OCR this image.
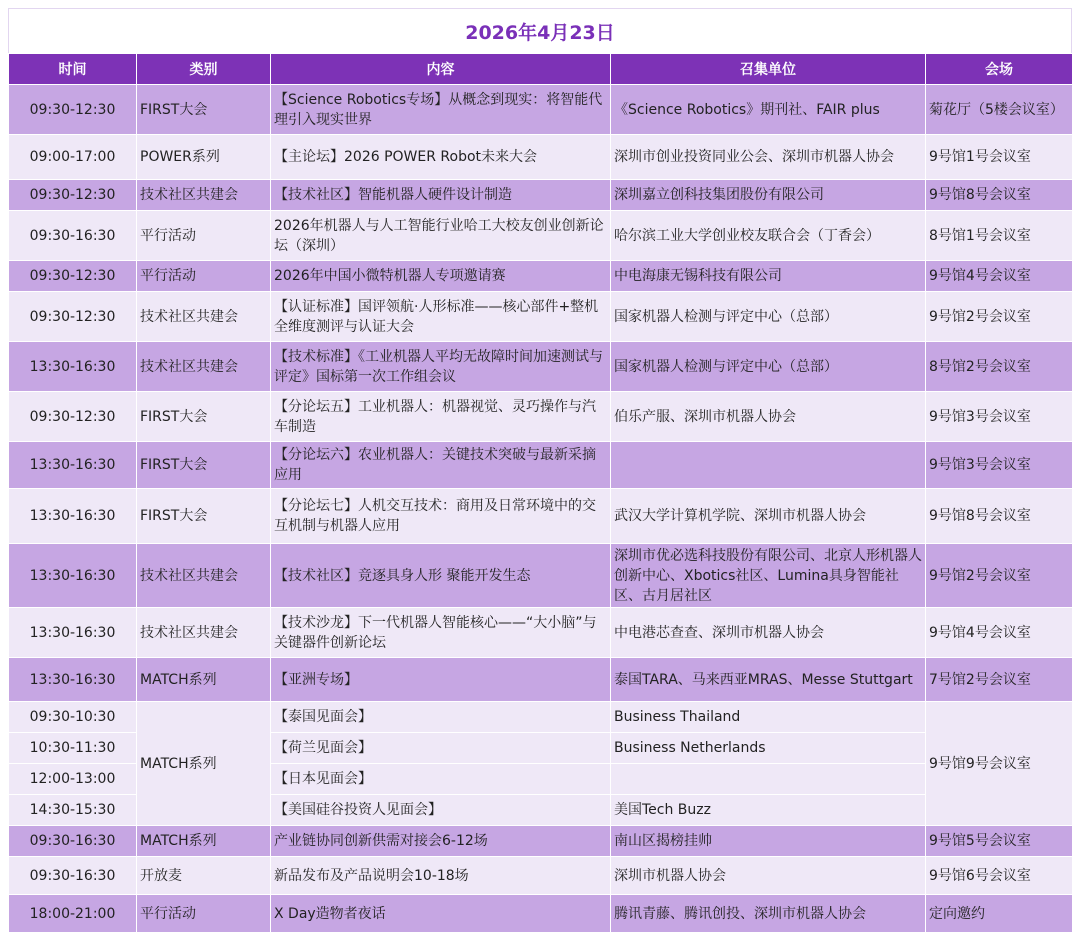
2026年4月23日
时间	类别	内容	召集单位	会场
09:30-12:30	FIRST大会	【Science Robotics专场】从概念到现实：将智能代理引入现实世界	《Science Robotics》期刊社、FAIR plus	菊花厅（5楼会议室）
09:00-17:00	POWER系列	【主论坛】2026 POWER Robot未来大会	深圳市创业投资同业公会、深圳市机器人协会	9号馆1号会议室
09:30-12:30	技术社区共建会	【技术社区】智能机器人硬件设计制造	深圳嘉立创科技集团股份有限公司	9号馆8号会议室
09:30-16:30	平行活动	2026年机器人与人工智能行业哈工大校友创业创新论坛（深圳）	哈尔滨工业大学创业校友联合会（丁香会）	8号馆1号会议室
09:30-12:30	平行活动	2026年中国小微特机器人专项邀请赛	中电海康无锡科技有限公司	9号馆4号会议室
09:30-12:30	技术社区共建会	【认证标准】国评领航·人形标准——核心部件+整机全维度测评与认证大会	国家机器人检测与评定中心（总部）	9号馆2号会议室
13:30-16:30	技术社区共建会	【技术标准】《工业机器人平均无故障时间加速测试与评定》国标第一次工作组会议	国家机器人检测与评定中心（总部）	8号馆2号会议室
09:30-12:30	FIRST大会	【分论坛五】工业机器人：机器视觉、灵巧操作与汽车制造	伯乐产服、深圳市机器人协会	9号馆3号会议室
13:30-16:30	FIRST大会	【分论坛六】农业机器人：关键技术突破与最新采摘应用		9号馆3号会议室
13:30-16:30	FIRST大会	【分论坛七】人机交互技术：商用及日常环境中的交互机制与机器人应用	武汉大学计算机学院、深圳市机器人协会	9号馆8号会议室
13:30-16:30	技术社区共建会	【技术社区】竞逐具身人形 聚能开发生态	深圳市优必选科技股份有限公司、北京人形机器人创新中心、Xbotics社区、Lumina具身智能社区、古月居社区	9号馆2号会议室
13:30-16:30	技术社区共建会	【技术沙龙】下一代机器人智能核心——“大小脑”与关键器件创新论坛	中电港芯查查、深圳市机器人协会	9号馆4号会议室
13:30-16:30	MATCH系列	【亚洲专场】	泰国TARA、马来西亚MRAS、Messe Stuttgart	7号馆2号会议室
09:30-10:30	MATCH系列	【泰国见面会】	Business Thailand	9号馆9号会议室
10:30-11:30		【荷兰见面会】	Business Netherlands	
12:00-13:00		【日本见面会】		
14:30-15:30		【美国硅谷投资人见面会】	美国Tech Buzz	
09:30-16:30	MATCH系列	产业链协同创新供需对接会6-12场	南山区揭榜挂帅	9号馆5号会议室
09:30-16:30	开放麦	新品发布及产品说明会10-18场	深圳市机器人协会	9号馆6号会议室
18:00-21:00	平行活动	X Day造物者夜话	腾讯青藤、腾讯创投、深圳市机器人协会	定向邀约
